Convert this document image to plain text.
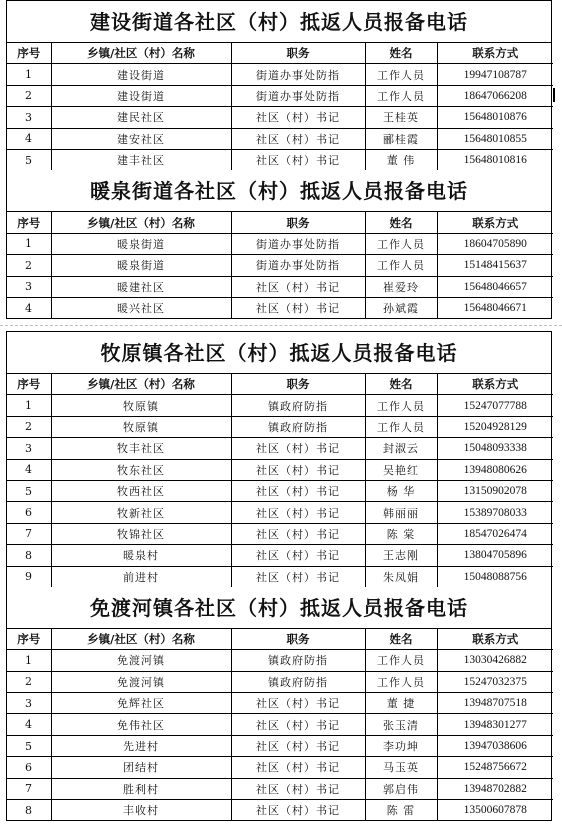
建设街道各社区（村）抵返人员报备电话
序号	乡镇/社区（村）名称	职务	姓名	联系方式
1	建设街道	街道办事处防指	工作人员	19947108787
2	建设街道	街道办事处防指	工作人员	18647066208
3	建民社区	社区（村）书记	王桂英	15648010876
4	建安社区	社区（村）书记	郦桂霞	15648010855
5	建丰社区	社区（村）书记	董 伟	15648010816
暖泉街道各社区（村）抵返人员报备电话
序号	乡镇/社区（村）名称	职务	姓名	联系方式
1	暖泉街道	街道办事处防指	工作人员	18604705890
2	暖泉街道	街道办事处防指	工作人员	15148415637
3	暖建社区	社区（村）书记	崔爱玲	15648046657
4	暖兴社区	社区（村）书记	孙斌霞	15648046671
牧原镇各社区（村）抵返人员报备电话
序号	乡镇/社区（村）名称	职务	姓名	联系方式
1	牧原镇	镇政府防指	工作人员	15247077788
2	牧原镇	镇政府防指	工作人员	15204928129
3	牧丰社区	社区（村）书记	封淑云	15048093338
4	牧东社区	社区（村）书记	吴艳红	13948080626
5	牧西社区	社区（村）书记	杨 华	13150902078
6	牧新社区	社区（村）书记	韩丽丽	15389708033
7	牧锦社区	社区（村）书记	陈 棠	18547026474
8	暖泉村	社区（村）书记	王志刚	13804705896
9	前进村	社区（村）书记	朱凤娟	15048088756
免渡河镇各社区（村）抵返人员报备电话
序号	乡镇/社区（村）名称	职务	姓名	联系方式
1	免渡河镇	镇政府防指	工作人员	13030426882
2	免渡河镇	镇政府防指	工作人员	15247032375
3	免辉社区	社区（村）书记	董 捷	13948707518
4	免伟社区	社区（村）书记	张玉清	13948301277
5	先进村	社区（村）书记	李功坤	13947038606
6	团结村	社区（村）书记	马玉英	15248756672
7	胜利村	社区（村）书记	郭启伟	13948702882
8	丰收村	社区（村）书记	陈 雷	13500607878
